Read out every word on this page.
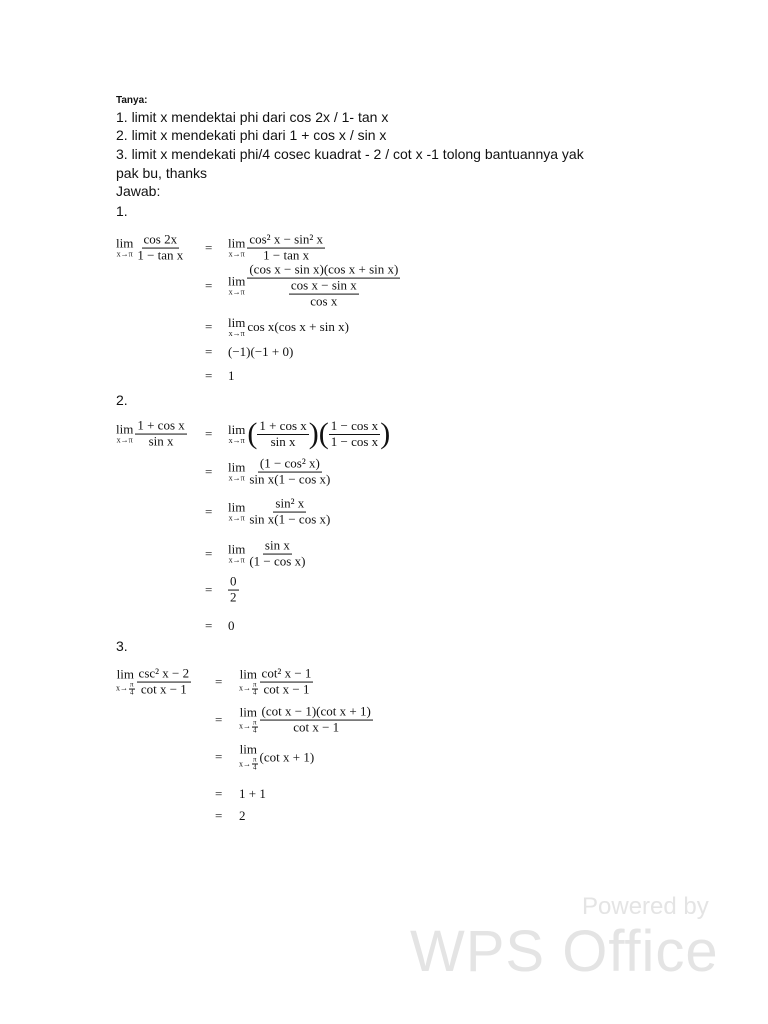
Tanya:
1. limit x mendektai phi dari cos 2x / 1- tan x
2. limit x mendekati phi dari 1 + cos x / sin x
3. limit x mendekati phi/4 cosec kuadrat - 2 / cot x -1 tolong bantuannya yak
pak bu, thanks
Jawab:
1.
2.
3.
lim
$x\to\pi \frac{\cos 2x}{\text{1 − tan x}} = \lim$
$x\to\pi \frac{\text{cos² x − sin² x}}{\text{1 − tan x}}$
= lim
$x\to\pi \frac{\text{(cos x − sin x)(cos x + sin x)}}{\frac{\text{cos x − sin x}}{\text{cos x}}}$
= lim
x→π cos x(cos x + sin x)
= (−1)(−1 + 0)
= 1
lim
$x\to\pi \frac{\text{1 + cos x}}{\text{sin x}} = \lim$
x→π ( $\frac{\text{1 + cos x}}{\text{sin x}}$ ) ( $\frac{\text{1 − cos x}}{\text{1 − cos x}}$ )
= lim
$x\to\pi \frac{\text{(1 − cos² x)}}{\text{sin x(1 − cos x)}}$
= lim
$x\to\pi \frac{\text{sin² x}}{\text{sin x(1 − cos x)}}$
= lim
$x\to\pi \frac{\text{sin x}}{\text{(1 − cos x)}}$
= $\frac{0}{2}$
= 0
lim
$x\to \frac{\pi}{4} \frac{\text{csc² x − 2}}{\text{cot x − 1}} = \lim$
$x\to \frac{\pi}{4} \frac{\text{cot² x − 1}}{\text{cot x − 1}}$
= lim
$x\to \frac{\pi}{4} \frac{\text{(cot x − 1)(cot x + 1)}}{\text{cot x − 1}}$
= lim
$x\to \frac{\pi}{4} (\cot$ x + 1)
= 1 + 1
= 2
Powered by
WPS Office
